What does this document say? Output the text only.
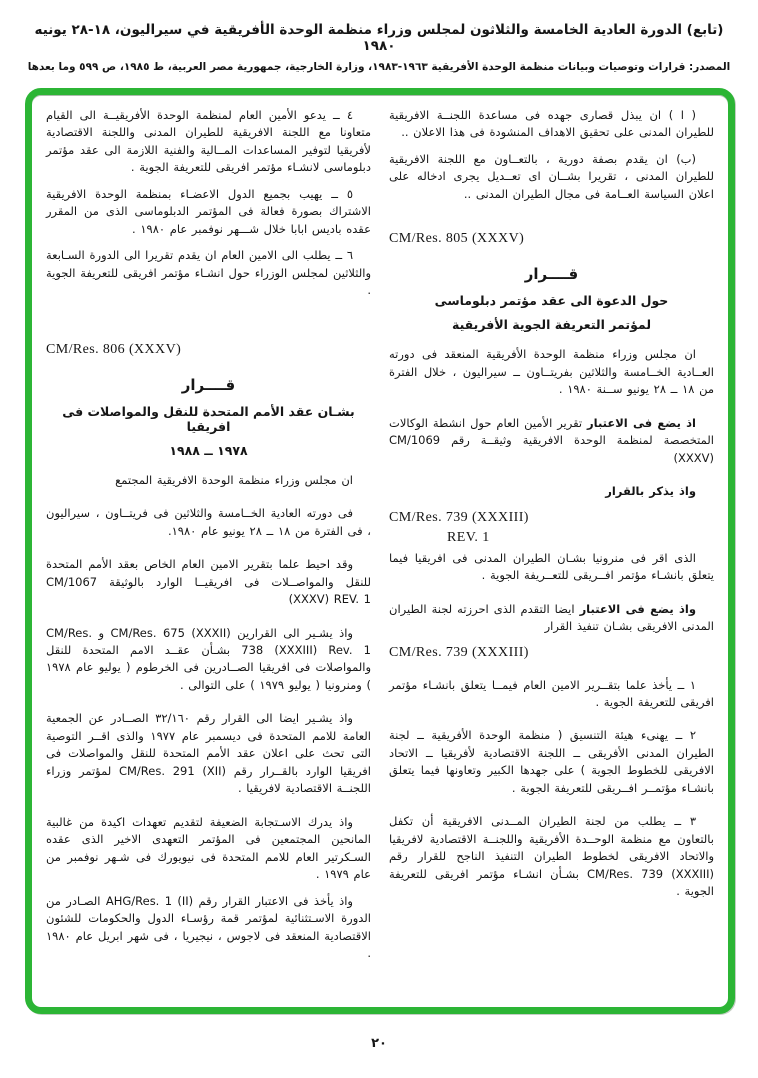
(تابع) الدورة العادية الخامسة والثلاثون لمجلس وزراء منظمة الوحدة الأفريقية في سيراليون، ١٨-٢٨ يونيه ١٩٨٠
المصدر: قرارات وتوصيات وبيانات منظمة الوحدة الأفريقية ١٩٦٣-١٩٨٣، وزارة الخارجية، جمهورية مصر العربية، ط ١٩٨٥، ص ٥٩٩ وما بعدها

( ا ) ان يبذل قصارى جهده فى مساعدة اللجنــة الافريقية للطيران المدنى على تحقيق الاهداف المنشودة فى هذا الاعلان ..

(ب) ان يقدم بصفة دورية ، بالتعــاون مع اللجنة الافريقية للطيران المدنى ، تقريرا بشــان اى تعــديل يجرى ادخاله على اعلان السياسة العــامة فى مجال الطيران المدنى ..

CM/Res. 805 (XXXV)
قــــرار
حول الدعوة الى عقد مؤتمر دبلوماسى
لمؤتمر التعريفة الجوية الأفريقية

ان مجلس وزراء منظمة الوحدة الأفريقية المنعقد فى دورته العــادية الخــامسة والثلاثين بفريتــاون ــ سيراليون ، خلال الفترة من ١٨ ــ ٢٨ يونيو ســنة ١٩٨٠ .

اذ يضع فى الاعتبار تقرير الأمين العام حول انشطة الوكالات المتخصصة لمنظمة الوحدة الافريقية وثيقــة رقم ‎CM/1069 (XXXV)‎

واذ يذكر بالقرار

CM/Res. 739 (XXXIII)
REV. 1

الذى اقر فى منرونيا بشـان الطيران المدنى فى افريقيا فيما يتعلق بانشـاء مؤتمر افــريقى للتعــريفة الجوية .

واذ يضع فى الاعتبار ايضا التقدم الذى احرزته لجنة الطيران المدنى الافريقى بشـان تنفيذ القرار

CM/Res. 739 (XXXIII)

١ ــ يأخذ علما بتقــرير الامين العام فيمــا يتعلق بانشـاء مؤتمر افريقى للتعريفة الجوية .

٢ ــ يهنىء هيئة التنسيق ( منظمة الوحدة الأفريقية ــ لجنة الطيران المدنى الأفريقى ــ اللجنة الاقتصادية لأفريقيا ــ الاتحاد الافريقى للخطوط الجوية ) على جهدها الكبير وتعاونها فيما يتعلق بانشـاء مؤتمــر افــريقى للتعريفة الجوية .

٣ ــ يطلب من لجنة الطيران المــدنى الافريقية أن تكفل بالتعاون مع منظمة الوحــدة الأفريقية واللجنــة الاقتصادية لافريقيا والاتحاد الافريقى لخطوط الطيران التنفيذ الناجح للقرار رقم ‎CM/Res. 739 (XXXIII)‎ بشـأن انشـاء مؤتمر افريقى للتعريفة الجوية .

٤ ــ يدعو الأمين العام لمنظمة الوحدة الأفريقيــة الى القيام متعاونا مع اللجنة الافريقية للطيران المدنى واللجنة الاقتصادية لأفريقيا لتوفير المساعدات المــالية والفنية اللازمة الى عقد مؤتمر دبلوماسى لانشـاء مؤتمر افريقى للتعريفة الجوية .

٥ ــ يهيب بجميع الدول الاعضـاء بمنظمة الوحدة الافريقية الاشتراك بصورة فعالة فى المؤتمر الدبلوماسى الذى من المقرر عقده باديس ابابا خلال شـــهر نوفمبر عام ١٩٨٠ .

٦ ــ يطلب الى الامين العام ان يقدم تقريرا الى الدورة السـابعة والثلاثين لمجلس الوزراء حول انشـاء مؤتمر افريقى للتعريفة الجوية .

CM/Res. 806 (XXXV)
قــــرار
بشـان عقد الأمم المتحدة للنقل والمواصلات فى افريقيا
١٩٧٨ ــ ١٩٨٨

ان مجلس وزراء منظمة الوحدة الافريقية المجتمع

فى دورته العادية الخــامسة والثلاثين فى فريتــاون ، سيراليون ، فى الفترة من ١٨ ــ ٢٨ يونيو عام ١٩٨٠.

وقد احيط علما بتقرير الامين العام الخاص بعقد الأمم المتحدة للنقل والمواصــلات فى افريقيــا الوارد بالوثيقة ‎CM/1067 (XXXV) REV. 1‎

واذ يشـير الى القرارين ‎CM/Res. 675 (XXXII)‎ و ‎CM/Res. 738 (XXXIII) Rev. 1‎ بشـأن عقــد الامم المتحدة للنقل والمواصلات فى افريقيا الصــادرين فى الخرطوم ( يوليو عام ١٩٧٨ ) ومنرونيا ( يوليو ١٩٧٩ ) على التوالى .

واذ يشـير ايضا الى القرار رقم ٣٢/١٦٠ الصــادر عن الجمعية العامة للامم المتحدة فى ديسمبر عام ١٩٧٧ والذى اقــر التوصية التى تحث على اعلان عقد الأمم المتحدة للنقل والمواصلات فى افريقيا الوارد بالقــرار رقم ‎CM/Res. 291 (XII)‎ لمؤتمر وزراء اللجنــة الاقتصادية لافريقيا .

واذ يدرك الاسـتجابة الضعيفة لتقديم تعهدات اكيدة من غالبية المانحين المجتمعين فى المؤتمر التعهدى الاخير الذى عقده السـكرتير العام للامم المتحدة فى نيويورك فى شـهر نوفمبر من عام ١٩٧٩ .

واذ يأخذ فى الاعتبار القرار رقم ‎AHG/Res. 1 (II)‎ الصـادر من الدورة الاسـتثنائية لمؤتمر قمة رؤسـاء الدول والحكومات للشئون الاقتصادية المنعقد فى لاجوس ، نيجيريا ، فى شهر ابريل عام ١٩٨٠ .

٢٠
